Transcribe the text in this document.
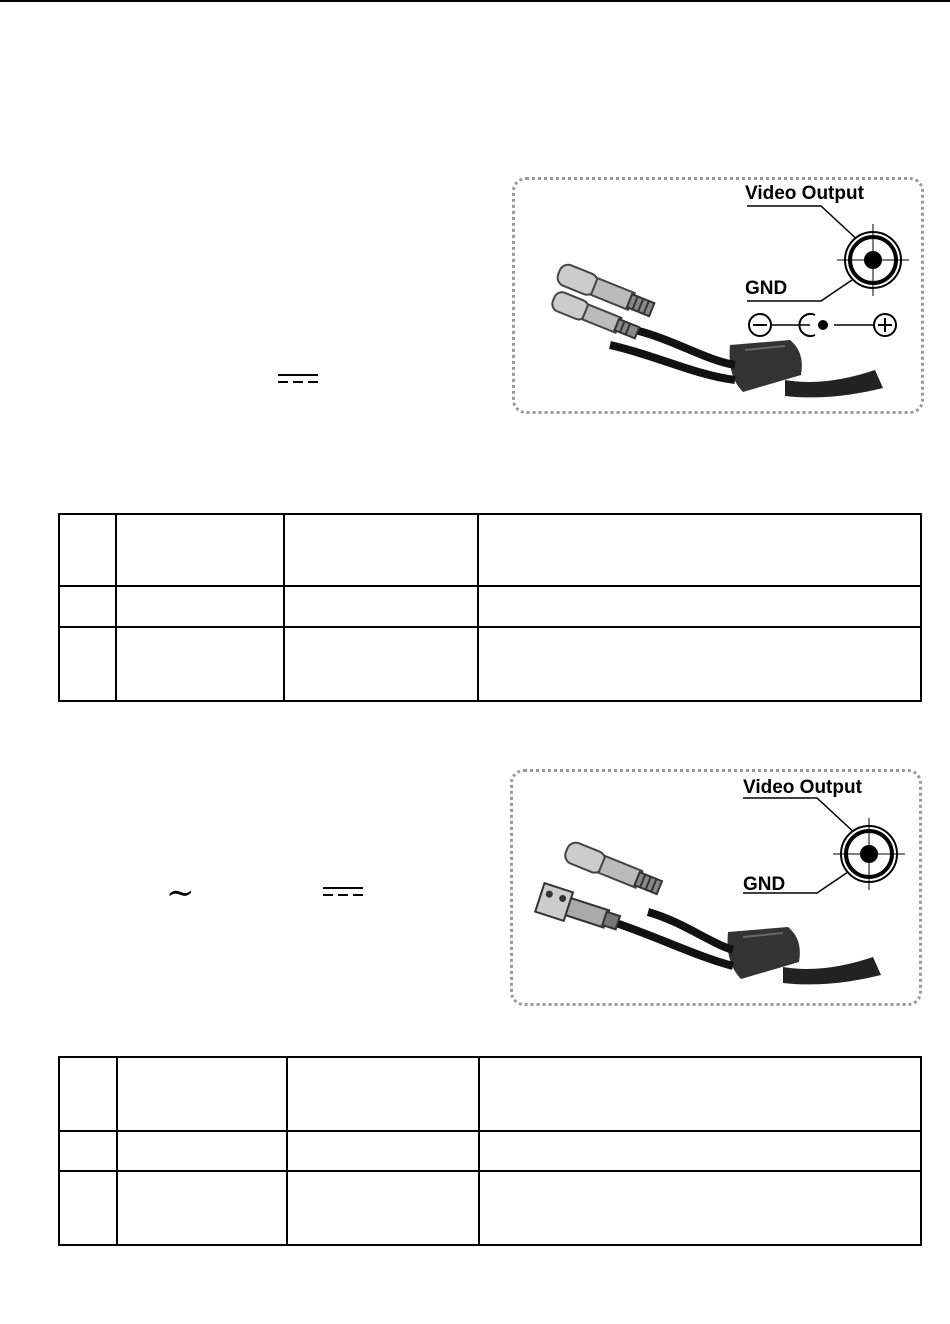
Video Output
GND

∼
Video Output
GND
